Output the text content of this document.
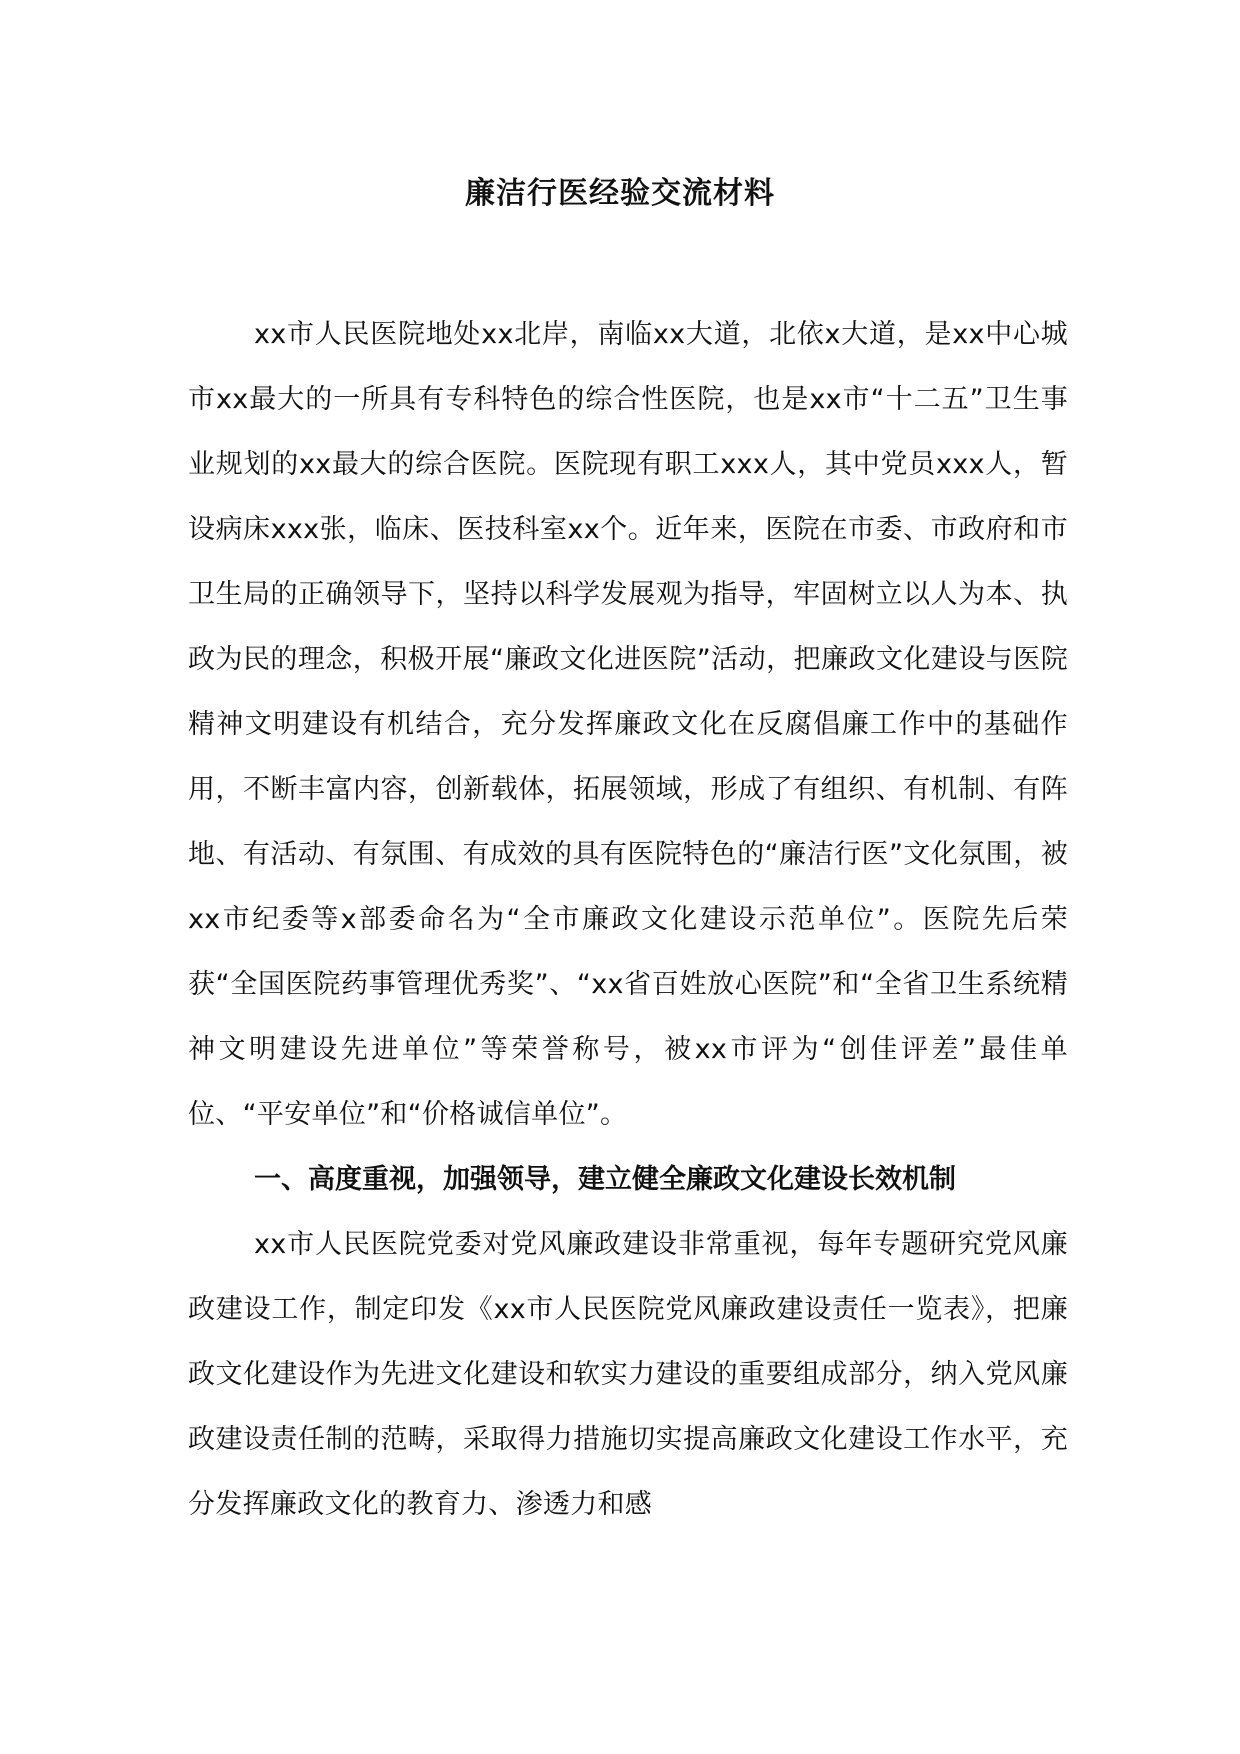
廉洁行医经验交流材料

xx市人民医院地处xx北岸，南临xx大道，北依x大道，是xx中心城市xx最大的一所具有专科特色的综合性医院，也是xx市“十二五”卫生事业规划的xx最大的综合医院。医院现有职工xxx人，其中党员xxx人，暂设病床xxx张，临床、医技科室xx个。近年来，医院在市委、市政府和市卫生局的正确领导下，坚持以科学发展观为指导，牢固树立以人为本、执政为民的理念，积极开展“廉政文化进医院”活动，把廉政文化建设与医院精神文明建设有机结合，充分发挥廉政文化在反腐倡廉工作中的基础作用，不断丰富内容，创新载体，拓展领域，形成了有组织、有机制、有阵地、有活动、有氛围、有成效的具有医院特色的“廉洁行医”文化氛围，被xx市纪委等x部委命名为“全市廉政文化建设示范单位”。医院先后荣获“全国医院药事管理优秀奖”、“xx省百姓放心医院”和“全省卫生系统精神文明建设先进单位”等荣誉称号，被xx市评为“创佳评差”最佳单位、“平安单位”和“价格诚信单位”。

一、高度重视，加强领导，建立健全廉政文化建设长效机制

xx市人民医院党委对党风廉政建设非常重视，每年专题研究党风廉政建设工作，制定印发《xx市人民医院党风廉政建设责任一览表》，把廉政文化建设作为先进文化建设和软实力建设的重要组成部分，纳入党风廉政建设责任制的范畴，采取得力措施切实提高廉政文化建设工作水平，充分发挥廉政文化的教育力、渗透力和感
